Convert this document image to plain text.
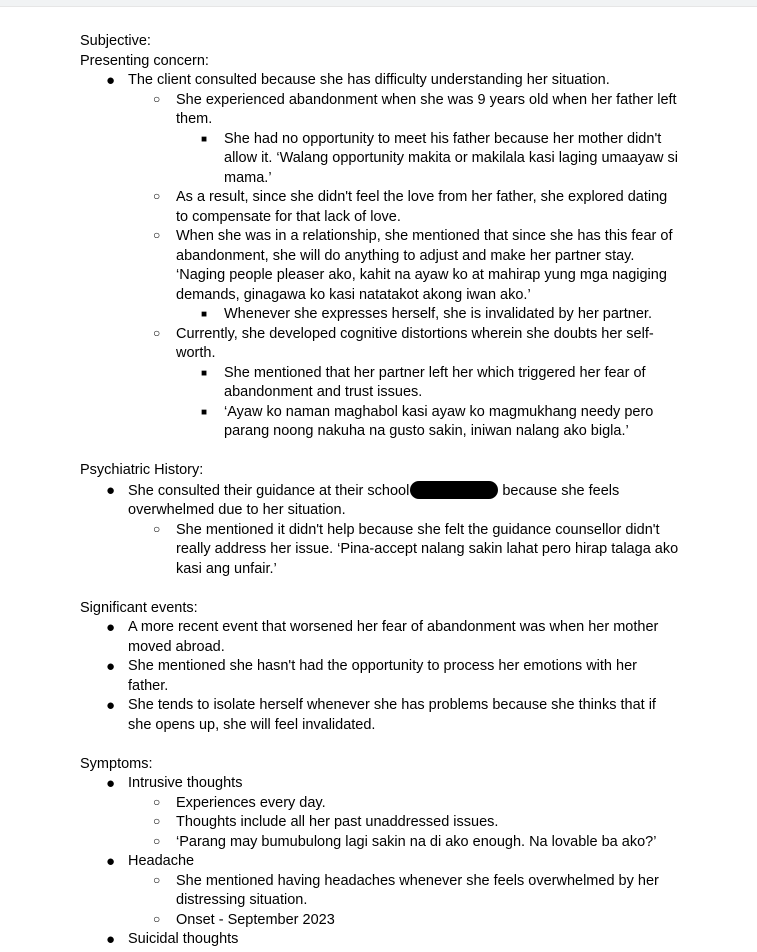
Subjective:

Presenting concern:

● The client consulted because she has difficulty understanding her situation.
○ She experienced abandonment when she was 9 years old when her father left them.
■ She had no opportunity to meet his father because her mother didn't allow it. ‘Walang opportunity makita or makilala kasi laging umaayaw si mama.’
○ As a result, since she didn't feel the love from her father, she explored dating to compensate for that lack of love.
○ When she was in a relationship, she mentioned that since she has this fear of abandonment, she will do anything to adjust and make her partner stay. ‘Naging people pleaser ako, kahit na ayaw ko at mahirap yung mga nagiging demands, ginagawa ko kasi natatakot akong iwan ako.’
■ Whenever she expresses herself, she is invalidated by her partner.
○ Currently, she developed cognitive distortions wherein she doubts her self-worth.
■ She mentioned that her partner left her which triggered her fear of abandonment and trust issues.
■ ‘Ayaw ko naman maghabol kasi ayaw ko magmukhang needy pero parang noong nakuha na gusto sakin, iniwan nalang ako bigla.’

Psychiatric History:

● She consulted their guidance at their school	because she feels overwhelmed due to her situation.
○ She mentioned it didn't help because she felt the guidance counsellor didn't really address her issue. ‘Pina-accept nalang sakin lahat pero hirap talaga ako kasi ang unfair.’

Significant events:

● A more recent event that worsened her fear of abandonment was when her mother moved abroad.
● She mentioned she hasn't had the opportunity to process her emotions with her father.
● She tends to isolate herself whenever she has problems because she thinks that if she opens up, she will feel invalidated.

Symptoms:

● Intrusive thoughts
○ Experiences every day.
○ Thoughts include all her past unaddressed issues.
○ ‘Parang may bumubulong lagi sakin na di ako enough. Na lovable ba ako?’
● Headache
○ She mentioned having headaches whenever she feels overwhelmed by her distressing situation.
○ Onset - September 2023
● Suicidal thoughts
